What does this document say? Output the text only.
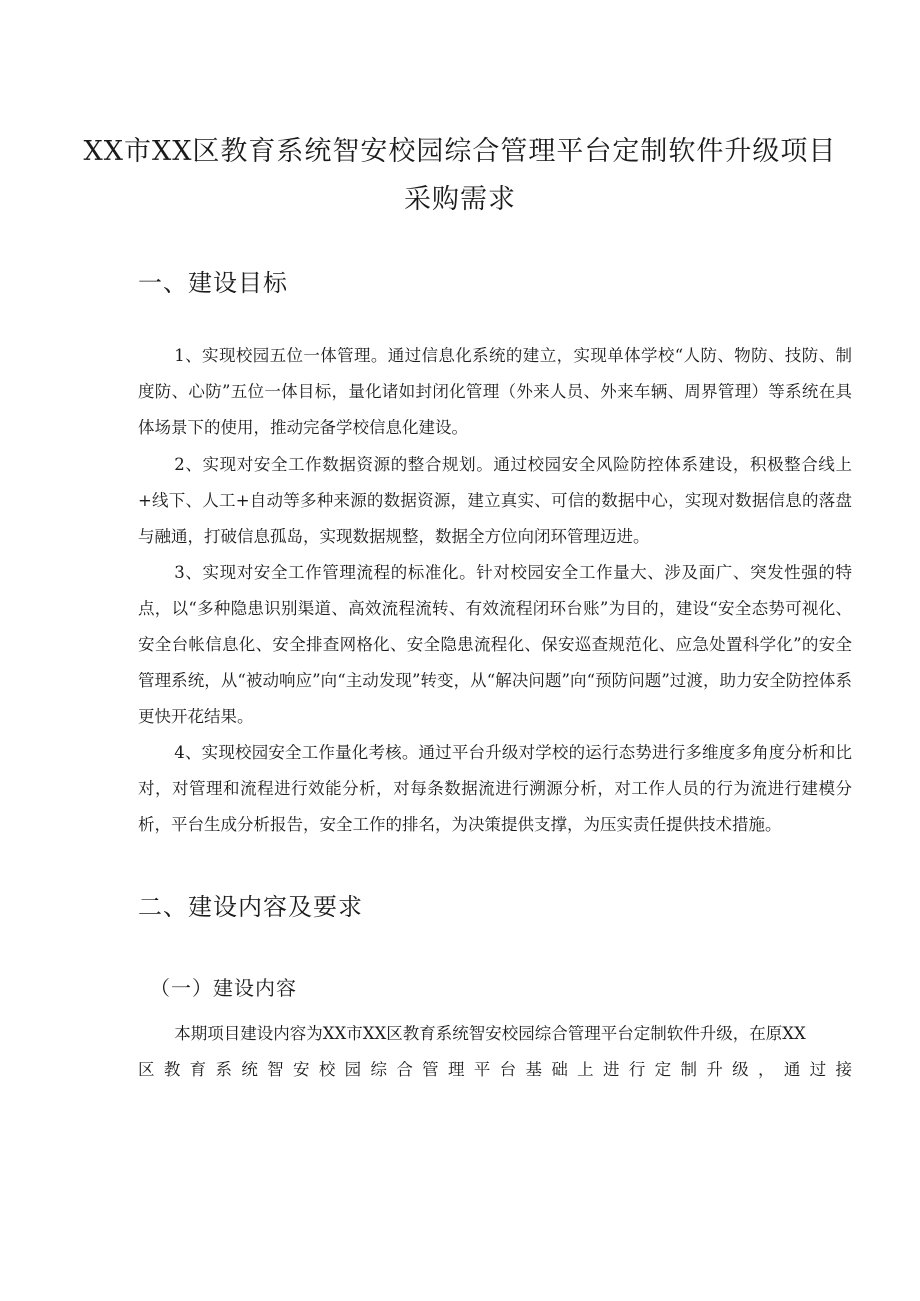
XX市XX区教育系统智安校园综合管理平台定制软件升级项目
采购需求
一、建设目标

1、实现校园五位一体管理。通过信息化系统的建立，实现单体学校“人防、物防、技防、制度防、心防”五位一体目标，量化诸如封闭化管理（外来人员、外来车辆、周界管理）等系统在具体场景下的使用，推动完备学校信息化建设。

2、实现对安全工作数据资源的整合规划。通过校园安全风险防控体系建设，积极整合线上+线下、人工+自动等多种来源的数据资源，建立真实、可信的数据中心，实现对数据信息的落盘与融通，打破信息孤岛，实现数据规整，数据全方位向闭环管理迈进。

3、实现对安全工作管理流程的标准化。针对校园安全工作量大、涉及面广、突发性强的特点，以“多种隐患识别渠道、高效流程流转、有效流程闭环台账”为目的，建设“安全态势可视化、安全台帐信息化、安全排查网格化、安全隐患流程化、保安巡查规范化、应急处置科学化”的安全管理系统，从“被动响应”向“主动发现”转变，从“解决问题”向“预防问题”过渡，助力安全防控体系更快开花结果。

4、实现校园安全工作量化考核。通过平台升级对学校的运行态势进行多维度多角度分析和比对，对管理和流程进行效能分析，对每条数据流进行溯源分析，对工作人员的行为流进行建模分析，平台生成分析报告，安全工作的排名，为决策提供支撑，为压实责任提供技术措施。

二、建设内容及要求
（一）建设内容
本期项目建设内容为XX市XX区教育系统智安校园综合管理平台定制软件升级，在原XX
区教育系统智安校园综合管理平台基础上进行定制升级，通过接
